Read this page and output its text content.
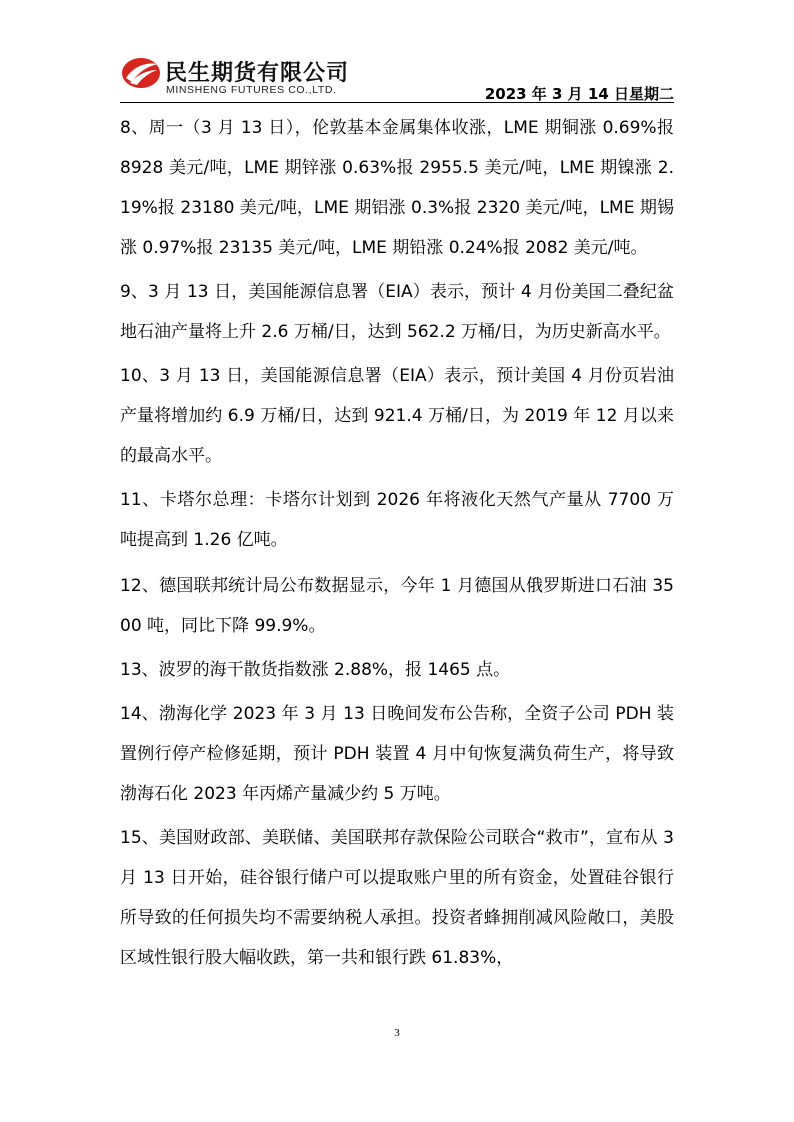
民生期货有限公司
MINSHENG FUTURES CO.,LTD.	2023 年 3 月 14 日星期二

8、周一（3 月 13 日），伦敦基本金属集体收涨，LME 期铜涨 0.69%报 8928 美元/吨，LME 期锌涨 0.63%报 2955.5 美元/吨，LME 期镍涨 2.19%报 23180 美元/吨，LME 期铝涨 0.3%报 2320 美元/吨，LME 期锡涨 0.97%报 23135 美元/吨，LME 期铅涨 0.24%报 2082 美元/吨。

9、3 月 13 日，美国能源信息署（EIA）表示，预计 4 月份美国二叠纪盆地石油产量将上升 2.6 万桶/日，达到 562.2 万桶/日，为历史新高水平。

10、3 月 13 日，美国能源信息署（EIA）表示，预计美国 4 月份页岩油产量将增加约 6.9 万桶/日，达到 921.4 万桶/日，为 2019 年 12 月以来的最高水平。

11、卡塔尔总理：卡塔尔计划到 2026 年将液化天然气产量从 7700 万吨提高到 1.26 亿吨。

12、德国联邦统计局公布数据显示，今年 1 月德国从俄罗斯进口石油 3500 吨，同比下降 99.9%。

13、波罗的海干散货指数涨 2.88%，报 1465 点。

14、渤海化学 2023 年 3 月 13 日晚间发布公告称，全资子公司 PDH 装置例行停产检修延期，预计 PDH 装置 4 月中旬恢复满负荷生产，将导致渤海石化 2023 年丙烯产量减少约 5 万吨。

15、美国财政部、美联储、美国联邦存款保险公司联合“救市”，宣布从 3 月 13 日开始，硅谷银行储户可以提取账户里的所有资金，处置硅谷银行所导致的任何损失均不需要纳税人承担。投资者蜂拥削减风险敞口，美股区域性银行股大幅收跌，第一共和银行跌 61.83%，

3
